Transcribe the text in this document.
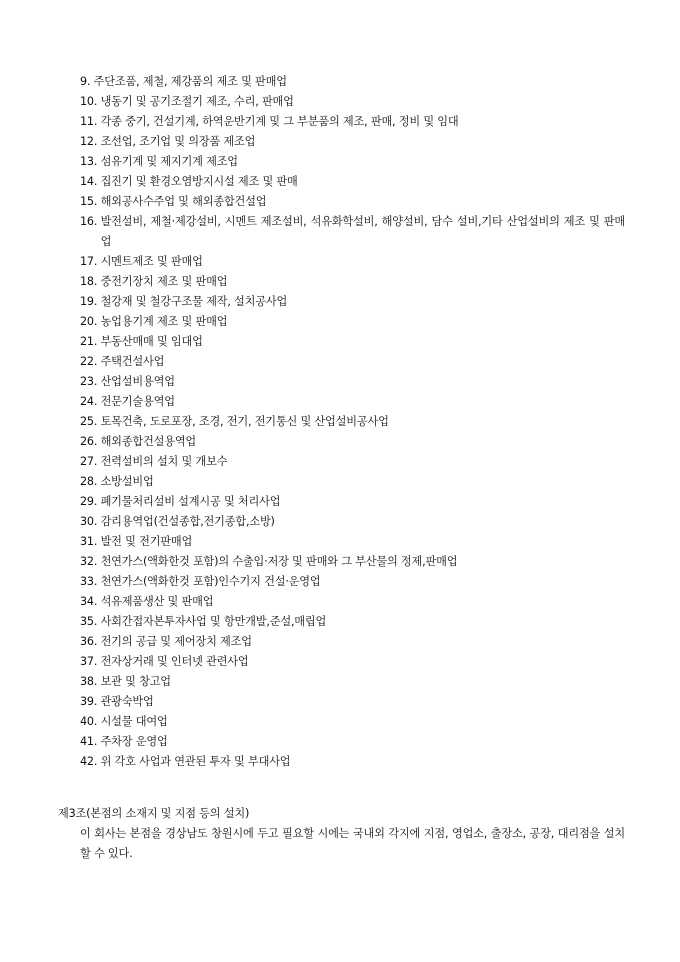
9. 주단조품, 제철, 제강품의 제조 및 판매업
10. 냉동기 및 공기조절기 제조, 수리, 판매업
11. 각종 중기, 건설기계, 하역운반기계 및 그 부분품의 제조, 판매, 정비 및 임대
12. 조선업, 조기업 및 의장품 제조업
13. 섬유기계 및 제지기계 제조업
14. 집진기 및 환경오염방지시설 제조 및 판매
15. 해외공사수주업 및 해외종합건설업
16. 발전설비, 제철·제강설비, 시멘트 제조설비, 석유화학설비, 해양설비, 담수 설비,기타 산업설비의 제조 및 판매업
17. 시멘트제조 및 판매업
18. 중전기장치 제조 및 판매업
19. 철강재 및 철강구조물 제작, 설치공사업
20. 농업용기계 제조 및 판매업
21. 부동산매매 및 임대업
22. 주택건설사업
23. 산업설비용역업
24. 전문기술용역업
25. 토목건축, 도로포장, 조경, 전기, 전기통신 및 산업설비공사업
26. 해외종합건설용역업
27. 전력설비의 설치 및 개보수
28. 소방설비업
29. 폐기물처리설비 설계시공 및 처리사업
30. 감리용역업(건설종합,전기종합,소방)
31. 발전 및 전기판매업
32. 천연가스(액화한것 포함)의 수출입·저장 및 판매와 그 부산물의 정제,판매업
33. 천연가스(액화한것 포함)인수기지 건설·운영업
34. 석유제품생산 및 판매업
35. 사회간접자본투자사업 및 항만개발,준설,매립업
36. 전기의 공급 및 제어장치 제조업
37. 전자상거래 및 인터넷 관련사업
38. 보관 및 창고업
39. 관광숙박업
40. 시설물 대여업
41. 주차장 운영업
42. 위 각호 사업과 연관된 투자 및 부대사업
제3조(본점의 소재지 및 지점 등의 설치)
이 회사는 본점을 경상남도 창원시에 두고 필요할 시에는 국내외 각지에 지점, 영업소, 출장소, 공장, 대리점을 설치할 수 있다.
